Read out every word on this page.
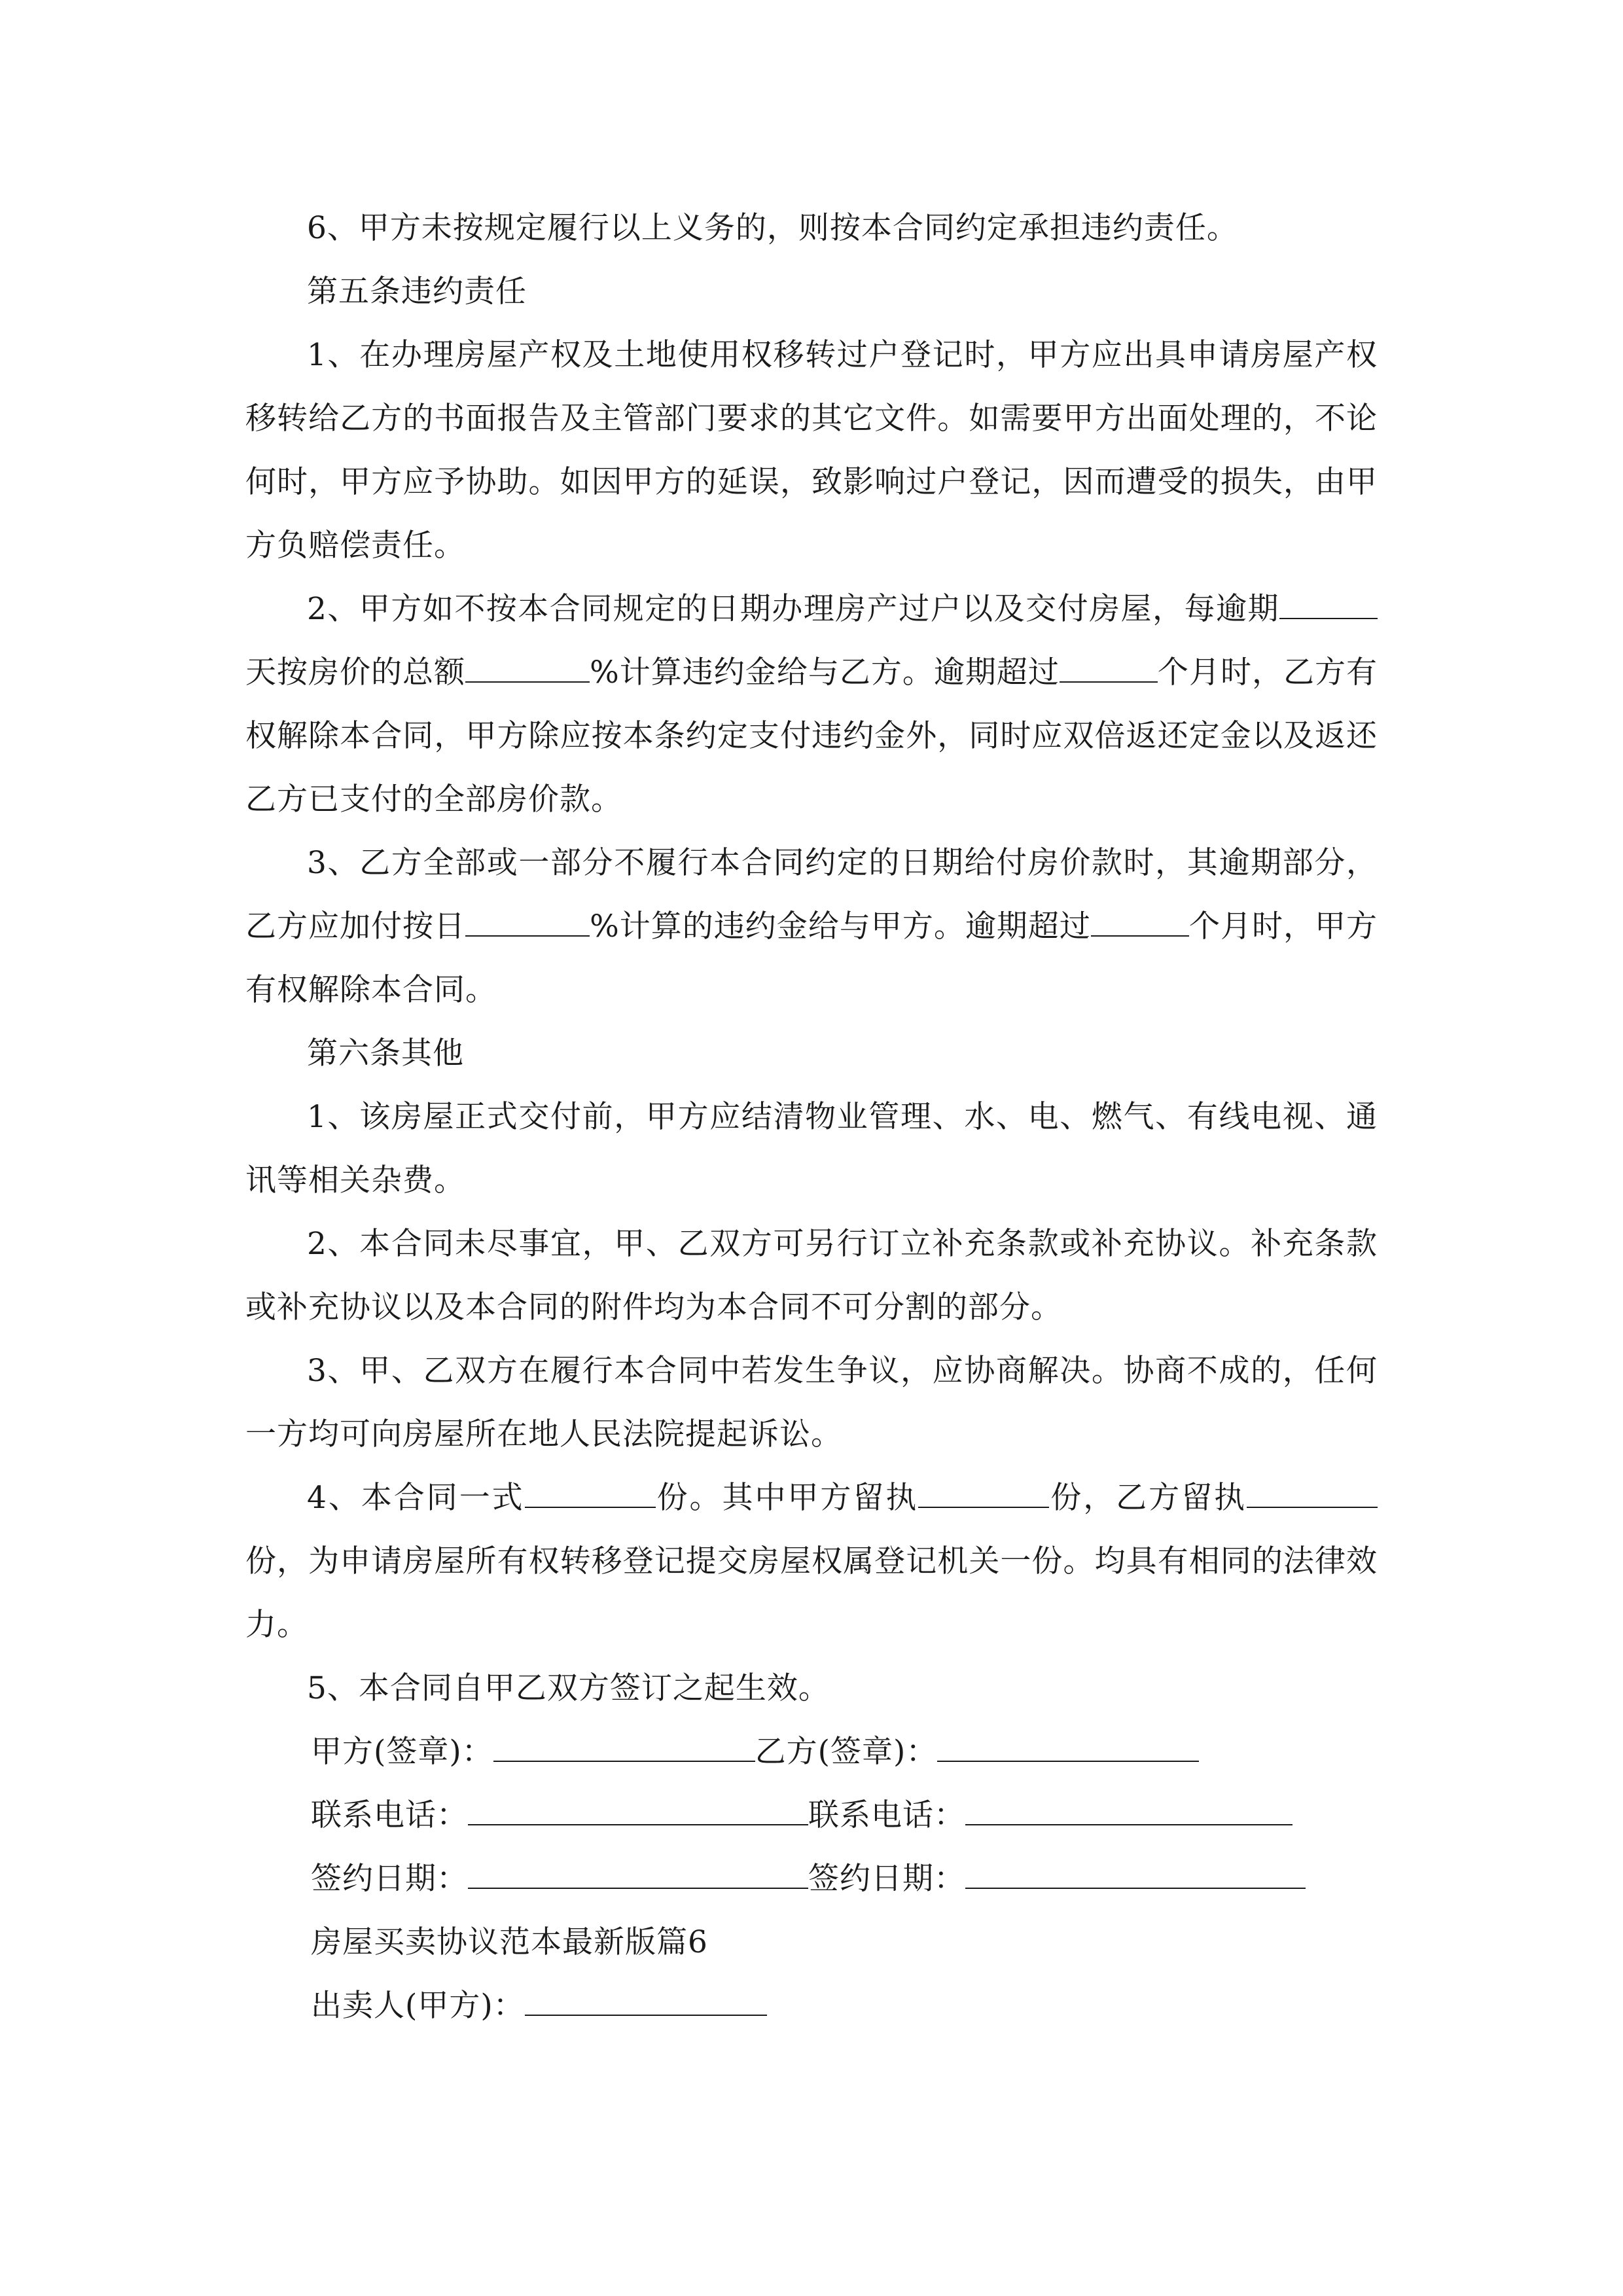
6、甲方未按规定履行以上义务的，则按本合同约定承担违约责任。

第五条违约责任

1、在办理房屋产权及土地使用权移转过户登记时，甲方应出具申请房屋产权移转给乙方的书面报告及主管部门要求的其它文件。如需要甲方出面处理的，不论何时，甲方应予协助。如因甲方的延误，致影响过户登记，因而遭受的损失，由甲方负赔偿责任。

2、甲方如不按本合同规定的日期办理房产过户以及交付房屋，每逾期天按房价的总额	%计算违约金给与乙方。逾期超过	个月时，乙方有权解除本合同，甲方除应按本条约定支付违约金外，同时应双倍返还定金以及返还乙方已支付的全部房价款。

3、乙方全部或一部分不履行本合同约定的日期给付房价款时，其逾期部分，乙方应加付按日	%计算的违约金给与甲方。逾期超过	个月时，甲方有权解除本合同。

第六条其他

1、该房屋正式交付前，甲方应结清物业管理、水、电、燃气、有线电视、通讯等相关杂费。

2、本合同未尽事宜，甲、乙双方可另行订立补充条款或补充协议。补充条款或补充协议以及本合同的附件均为本合同不可分割的部分。

3、甲、乙双方在履行本合同中若发生争议，应协商解决。协商不成的，任何一方均可向房屋所在地人民法院提起诉讼。

4、本合同一式	份。其中甲方留执	份，乙方留执份，为申请房屋所有权转移登记提交房屋权属登记机关一份。均具有相同的法律效力。

5、本合同自甲乙双方签订之起生效。

甲方(签章)：	乙方(签章)：

联系电话：	联系电话：

签约日期：	签约日期：

房屋买卖协议范本最新版篇6

出卖人(甲方)：
